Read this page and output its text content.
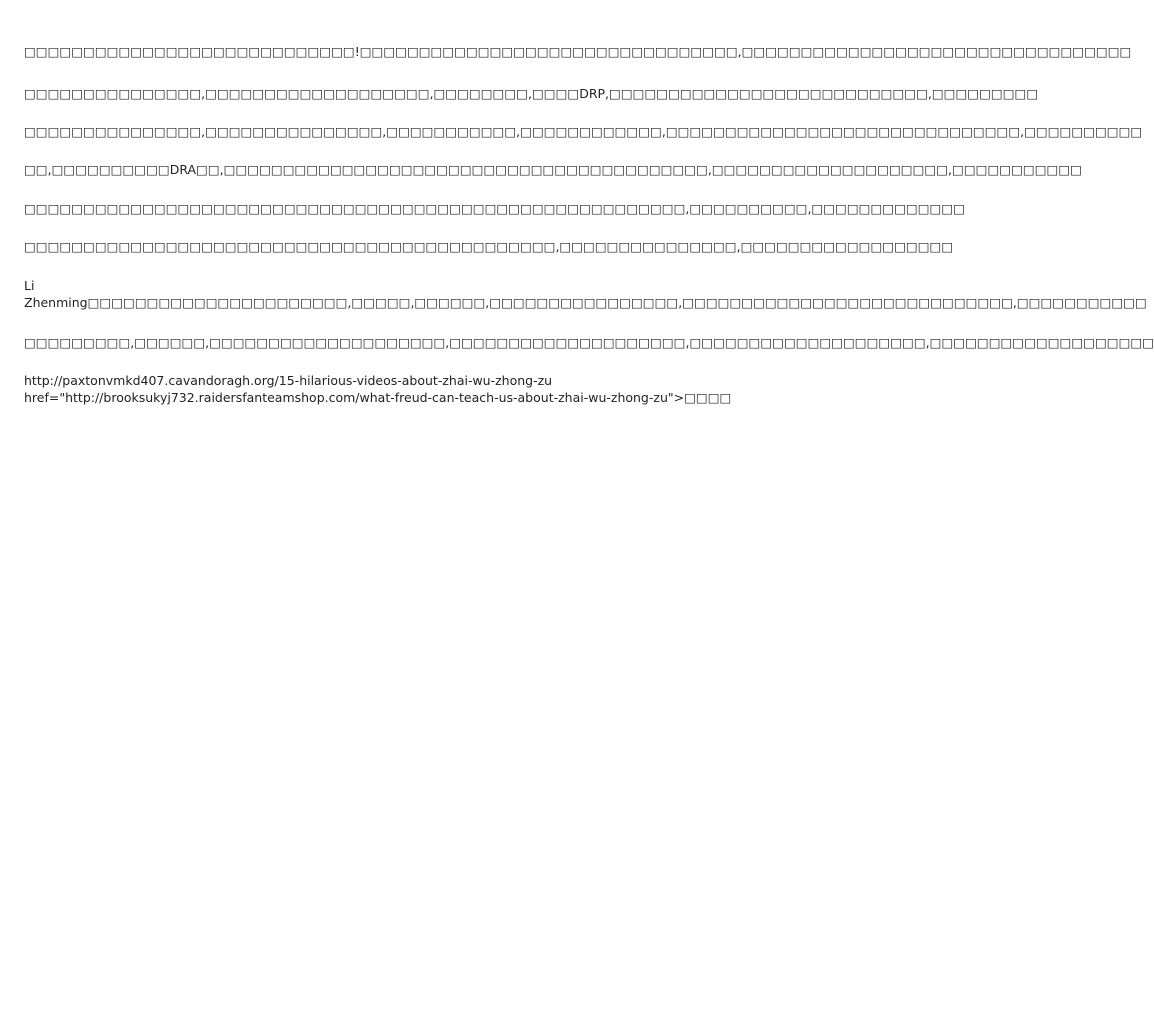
□□□□□□□□□□□□□□□□□□□□□□□□□□□□!□□□□□□□□□□□□□□□□□□□□□□□□□□□□□□□□,□□□□□□□□□□□□□□□□□□□□□□□□□□□□□□□□□

□□□□□□□□□□□□□□□,□□□□□□□□□□□□□□□□□□□,□□□□□□□□,□□□□DRP,□□□□□□□□□□□□□□□□□□□□□□□□□□□,□□□□□□□□□

□□□□□□□□□□□□□□□,□□□□□□□□□□□□□□□,□□□□□□□□□□□,□□□□□□□□□□□□,□□□□□□□□□□□□□□□□□□□□□□□□□□□□□□,□□□□□□□□□□

□□,□□□□□□□□□□DRA□□,□□□□□□□□□□□□□□□□□□□□□□□□□□□□□□□□□□□□□□□□□,□□□□□□□□□□□□□□□□□□□□,□□□□□□□□□□□

□□□□□□□□□□□□□□□□□□□□□□□□□□□□□□□□□□□□□□□□□□□□□□□□□□□□□□□□,□□□□□□□□□□,□□□□□□□□□□□□□

□□□□□□□□□□□□□□□□□□□□□□□□□□□□□□□□□□□□□□□□□□□□□,□□□□□□□□□□□□□□□,□□□□□□□□□□□□□□□□□□

Li
Zhenming□□□□□□□□□□□□□□□□□□□□□□,□□□□□,□□□□□□,□□□□□□□□□□□□□□□□,□□□□□□□□□□□□□□□□□□□□□□□□□□□□,□□□□□□□□□□□

□□□□□□□□□,□□□□□□,□□□□□□□□□□□□□□□□□□□□,□□□□□□□□□□□□□□□□□□□□,□□□□□□□□□□□□□□□□□□□□,□□□□□□□□□□□□□□□□□□□

http://paxtonvmkd407.cavandoragh.org/15-hilarious-videos-about-zhai-wu-zhong-zu
href="http://brooksukyj732.raidersfanteamshop.com/what-freud-can-teach-us-about-zhai-wu-zhong-zu">□□□□
